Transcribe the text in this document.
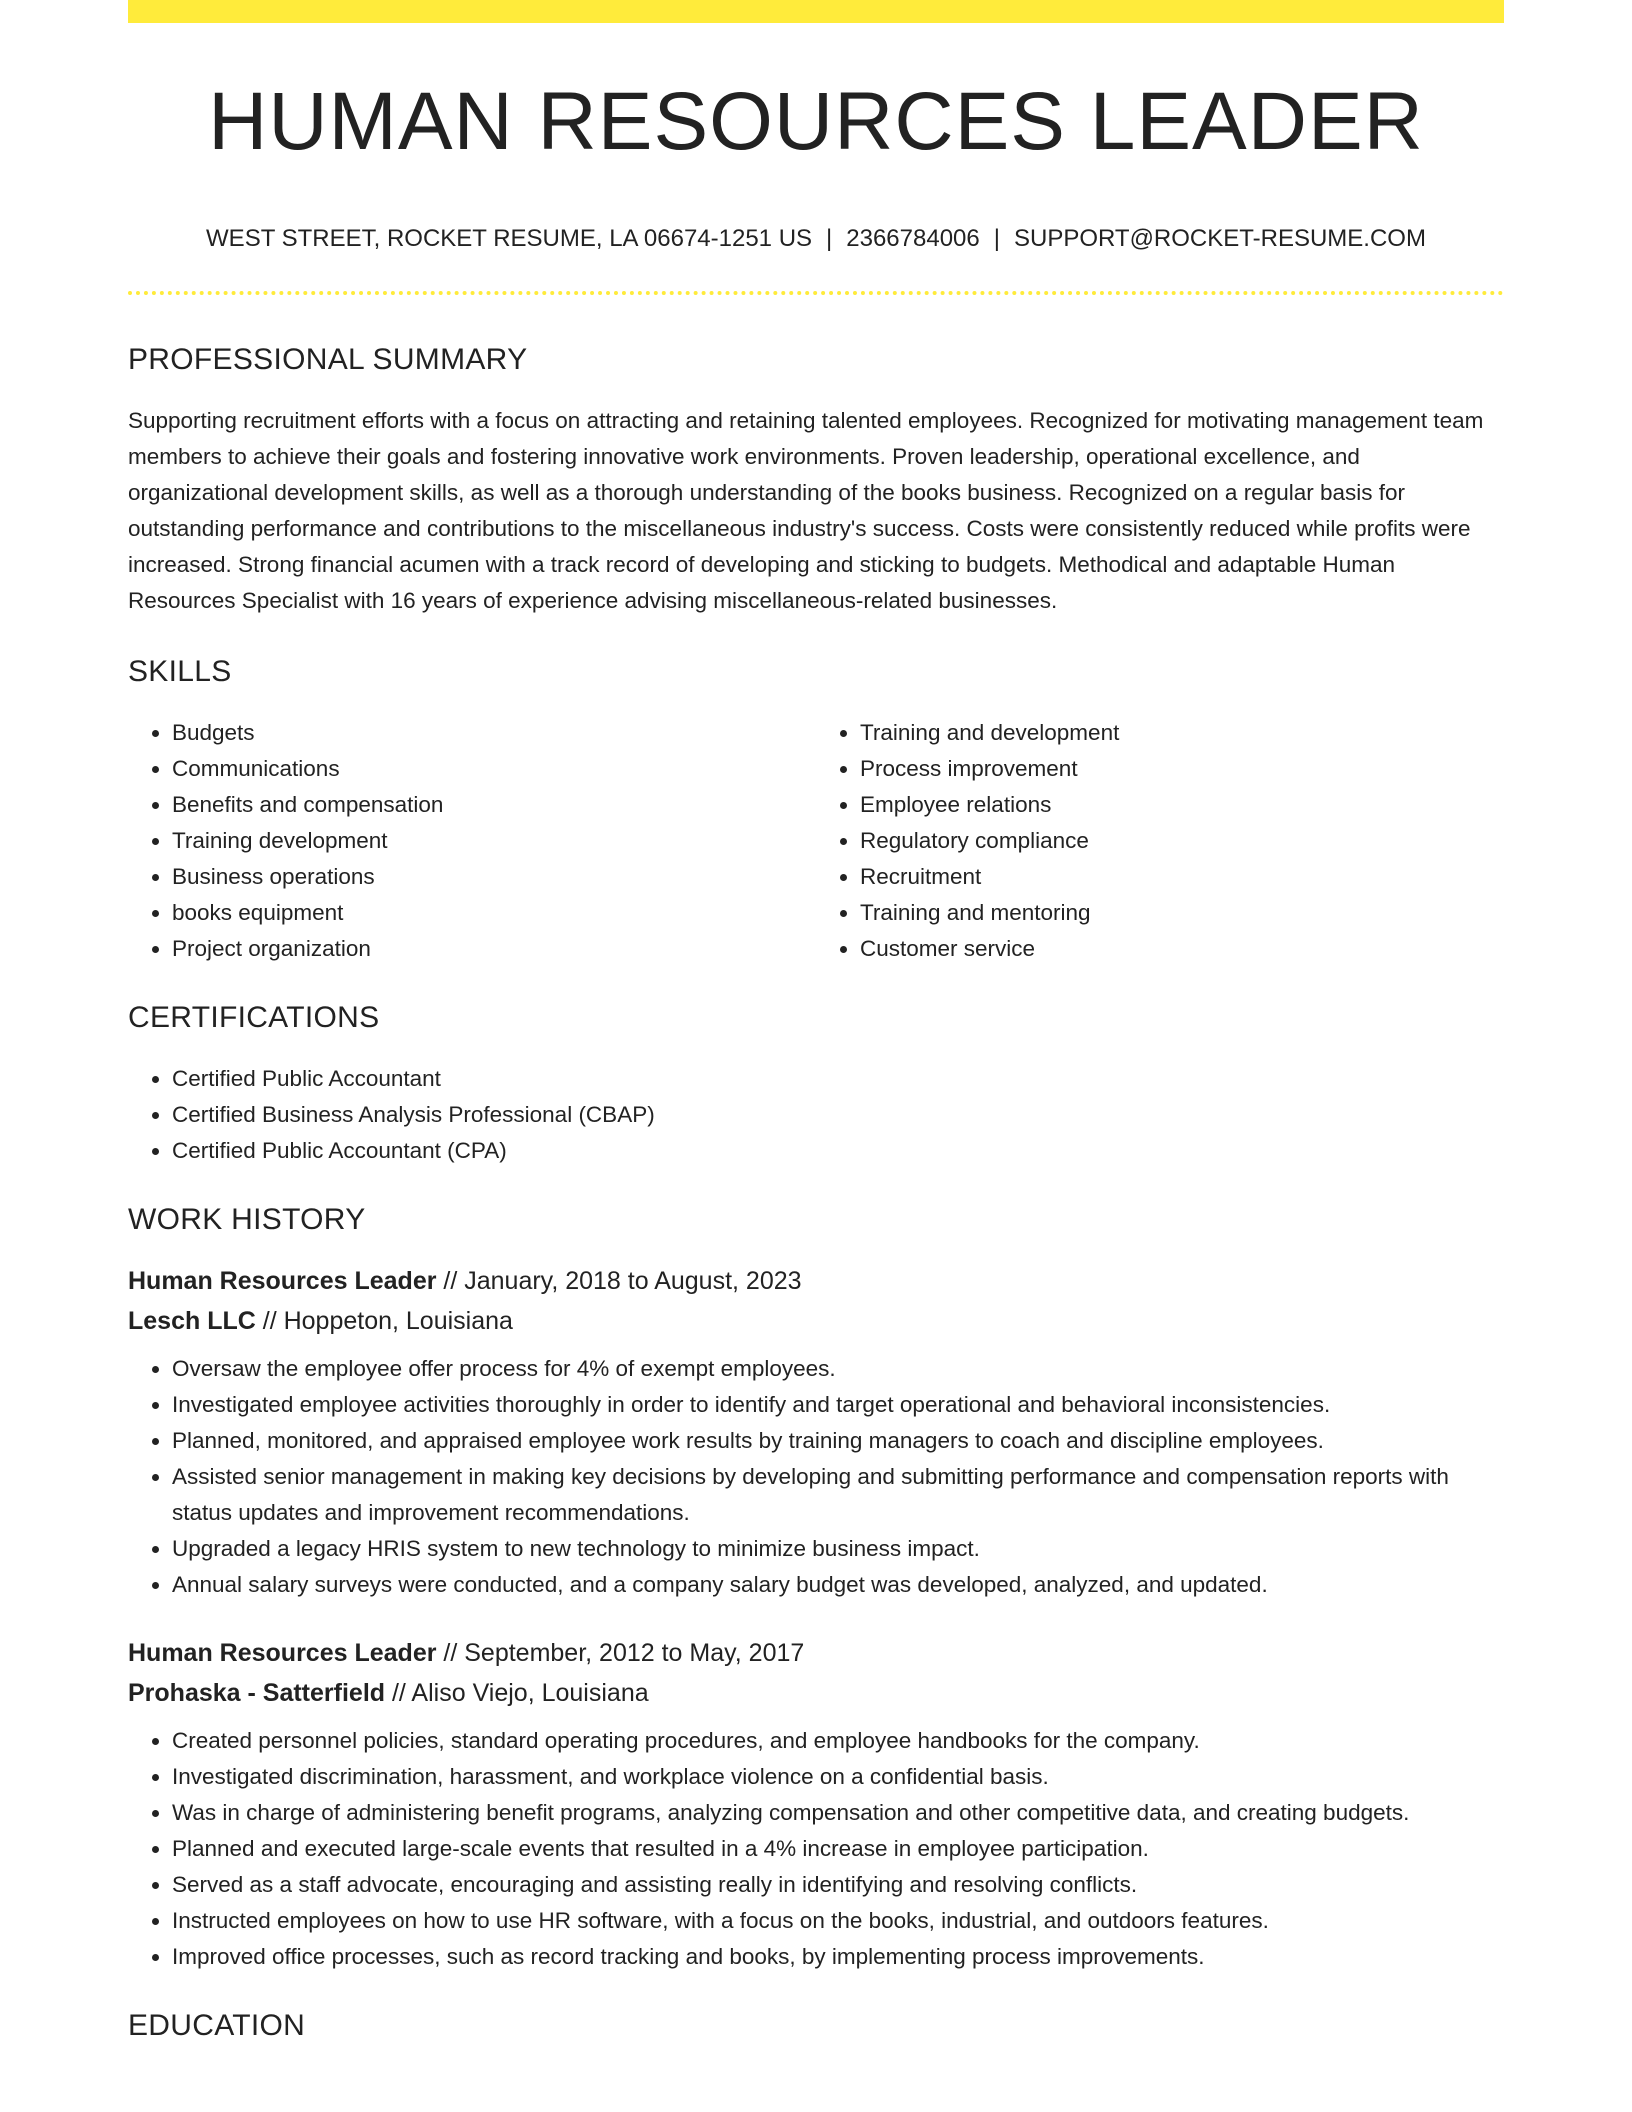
HUMAN RESOURCES LEADER
WEST STREET, ROCKET RESUME, LA 06674-1251 US | 2366784006 | SUPPORT@ROCKET-RESUME.COM
PROFESSIONAL SUMMARY
Supporting recruitment efforts with a focus on attracting and retaining talented employees. Recognized for motivating management team members to achieve their goals and fostering innovative work environments. Proven leadership, operational excellence, and organizational development skills, as well as a thorough understanding of the books business. Recognized on a regular basis for outstanding performance and contributions to the miscellaneous industry's success. Costs were consistently reduced while profits were increased. Strong financial acumen with a track record of developing and sticking to budgets. Methodical and adaptable Human Resources Specialist with 16 years of experience advising miscellaneous-related businesses.
SKILLS
• Budgets
• Communications
• Benefits and compensation
• Training development
• Business operations
• books equipment
• Project organization
• Training and development
• Process improvement
• Employee relations
• Regulatory compliance
• Recruitment
• Training and mentoring
• Customer service
CERTIFICATIONS
• Certified Public Accountant
• Certified Business Analysis Professional (CBAP)
• Certified Public Accountant (CPA)
WORK HISTORY
Human Resources Leader // January, 2018 to August, 2023
Lesch LLC // Hoppeton, Louisiana
• Oversaw the employee offer process for 4% of exempt employees.
• Investigated employee activities thoroughly in order to identify and target operational and behavioral inconsistencies.
• Planned, monitored, and appraised employee work results by training managers to coach and discipline employees.
• Assisted senior management in making key decisions by developing and submitting performance and compensation reports with status updates and improvement recommendations.
• Upgraded a legacy HRIS system to new technology to minimize business impact.
• Annual salary surveys were conducted, and a company salary budget was developed, analyzed, and updated.
Human Resources Leader // September, 2012 to May, 2017
Prohaska - Satterfield // Aliso Viejo, Louisiana
• Created personnel policies, standard operating procedures, and employee handbooks for the company.
• Investigated discrimination, harassment, and workplace violence on a confidential basis.
• Was in charge of administering benefit programs, analyzing compensation and other competitive data, and creating budgets.
• Planned and executed large-scale events that resulted in a 4% increase in employee participation.
• Served as a staff advocate, encouraging and assisting really in identifying and resolving conflicts.
• Instructed employees on how to use HR software, with a focus on the books, industrial, and outdoors features.
• Improved office processes, such as record tracking and books, by implementing process improvements.
EDUCATION
